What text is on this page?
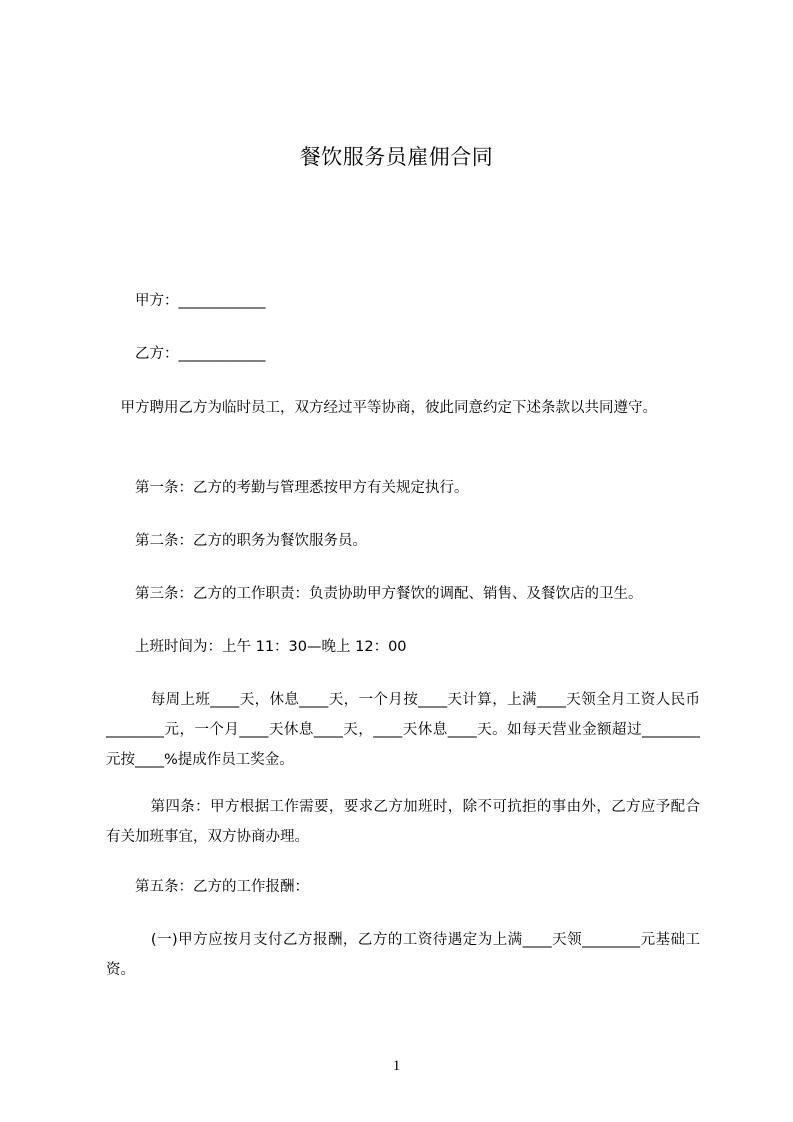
餐饮服务员雇佣合同
甲方：____________
乙方：____________
　甲方聘用乙方为临时员工，双方经过平等协商，彼此同意约定下述条款以共同遵守。
第一条：乙方的考勤与管理悉按甲方有关规定执行。
第二条：乙方的职务为餐饮服务员。
第三条：乙方的工作职责：负责协助甲方餐饮的调配、销售、及餐饮店的卫生。
上班时间为：上午 11：30—晚上 12：00
　　　每周上班____天，休息____天，一个月按____天计算，上满____天领全月工资人民币________元，一个月____天休息____天，____天休息____天。如每天营业金额超过________元按____%提成作员工奖金。
　　　第四条：甲方根据工作需要，要求乙方加班时，除不可抗拒的事由外，乙方应予配合有关加班事宜，双方协商办理。
第五条：乙方的工作报酬：
　　　(一)甲方应按月支付乙方报酬，乙方的工资待遇定为上满____天领________元基础工资。
1
